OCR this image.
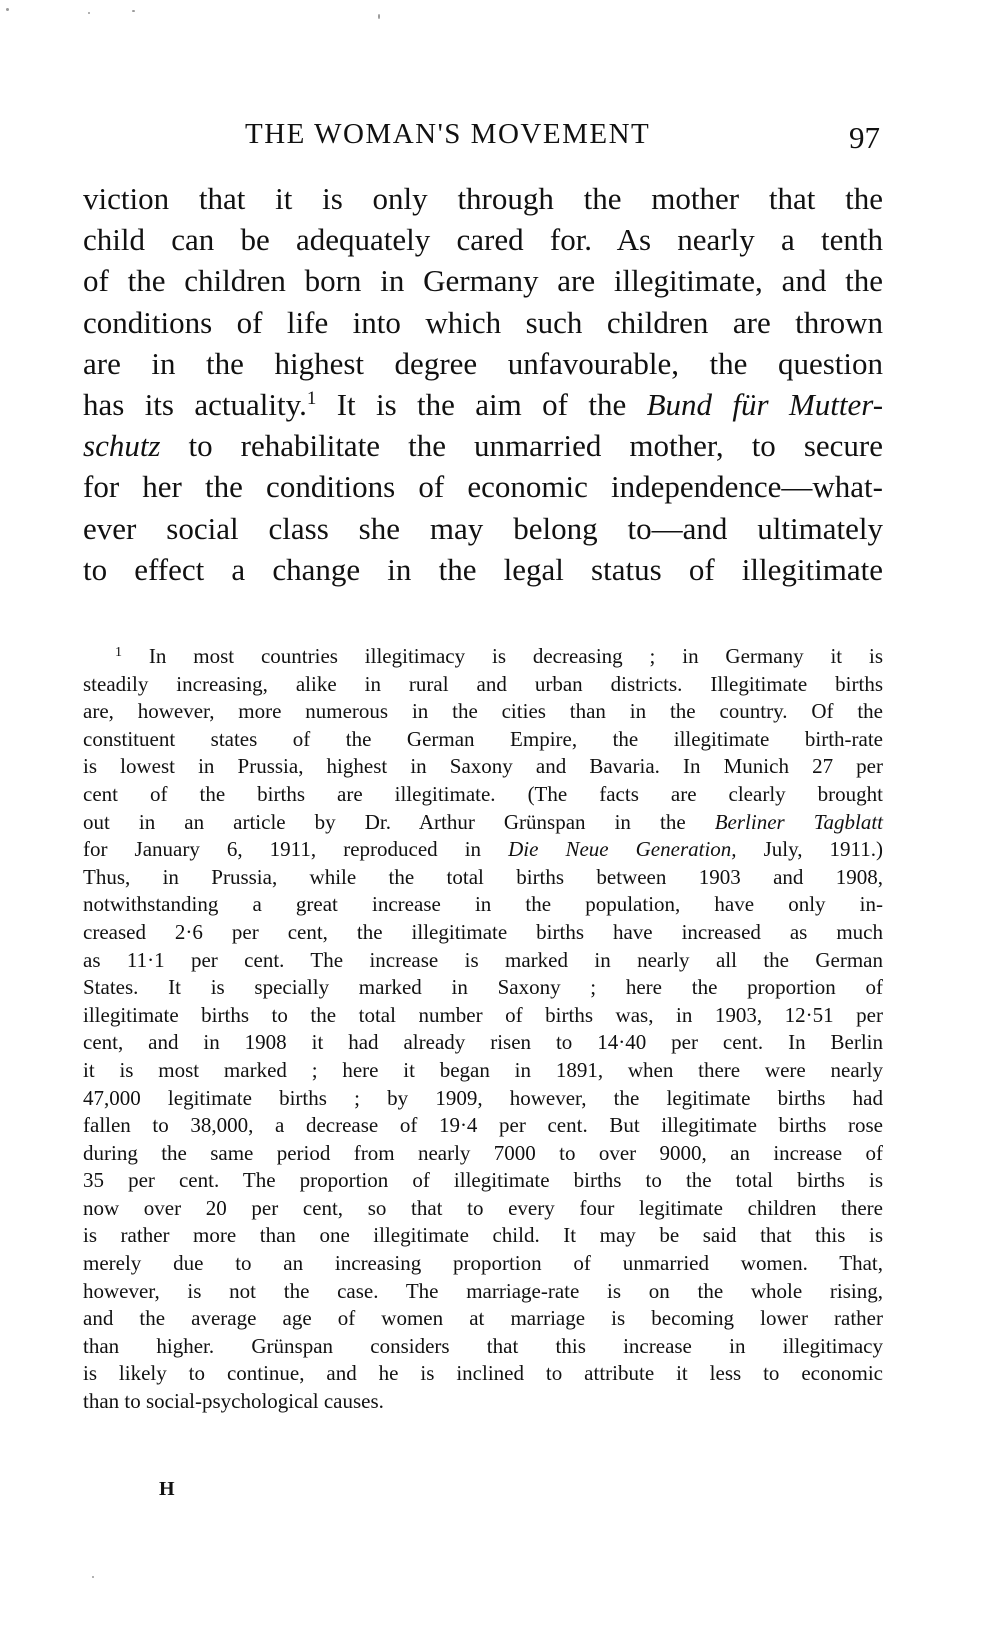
THE WOMAN'S MOVEMENT	97
viction that it is only through the mother that the
child can be adequately cared for. As nearly a tenth
of the children born in Germany are illegitimate, and the
conditions of life into which such children are thrown
are in the highest degree unfavourable, the question
has its actuality.$^1$ It is the aim of the Bund für Mutter-
schutz to rehabilitate the unmarried mother, to secure
for her the conditions of economic independence—what-
ever social class she may belong to—and ultimately
to effect a change in the legal status of illegitimate
$^1$ In most countries illegitimacy is decreasing ; in Germany it is
steadily increasing, alike in rural and urban districts. Illegitimate births
are, however, more numerous in the cities than in the country. Of the
constituent states of the German Empire, the illegitimate birth-rate
is lowest in Prussia, highest in Saxony and Bavaria. In Munich 27 per
cent of the births are illegitimate. (The facts are clearly brought
out in an article by Dr. Arthur Grünspan in the Berliner Tagblatt
for January 6, 1911, reproduced in Die Neue Generation, July, 1911.)
Thus, in Prussia, while the total births between 1903 and 1908,
notwithstanding a great increase in the population, have only in-
creased 2·6 per cent, the illegitimate births have increased as much
as 11·1 per cent. The increase is marked in nearly all the German
States. It is specially marked in Saxony ; here the proportion of
illegitimate births to the total number of births was, in 1903, 12·51 per
cent, and in 1908 it had already risen to 14·40 per cent. In Berlin
it is most marked ; here it began in 1891, when there were nearly
47,000 legitimate births ; by 1909, however, the legitimate births had
fallen to 38,000, a decrease of 19·4 per cent. But illegitimate births rose
during the same period from nearly 7000 to over 9000, an increase of
35 per cent. The proportion of illegitimate births to the total births is
now over 20 per cent, so that to every four legitimate children there
is rather more than one illegitimate child. It may be said that this is
merely due to an increasing proportion of unmarried women. That,
however, is not the case. The marriage-rate is on the whole rising,
and the average age of women at marriage is becoming lower rather
than higher. Grünspan considers that this increase in illegitimacy
is likely to continue, and he is inclined to attribute it less to economic
than to social-psychological causes.
H
